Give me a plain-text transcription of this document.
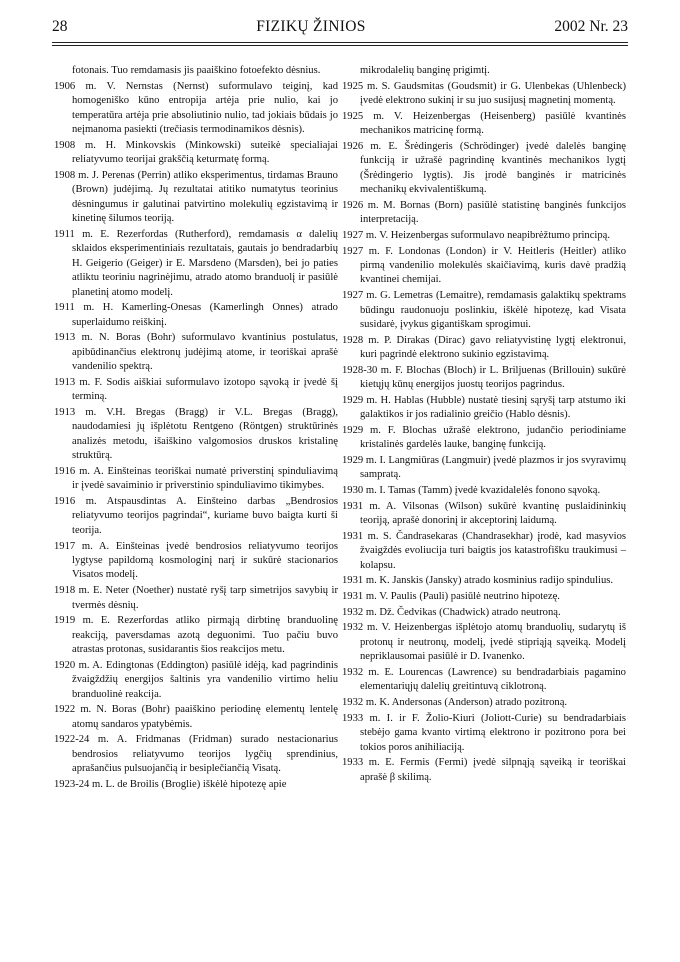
28	FIZIKŲ ŽINIOS	2002 Nr. 23

fotonais. Tuo remdamasis jis paaiškino fotoefekto dėsnius.

1906 m. V. Nernstas (Nernst) suformulavo teiginį, kad homogeniško kūno entropija artėja prie nulio, kai jo temperatūra artėja prie absoliutinio nulio, tad jokiais būdais jo neįmanoma pasiekti (trečiasis termodinamikos dėsnis).

1908 m. H. Minkovskis (Minkowski) suteikė specialiajai reliatyvumo teorijai grakščią keturmatę formą.

1908 m. J. Perenas (Perrin) atliko eksperimentus, tirdamas Brauno (Brown) judėjimą. Jų rezultatai atitiko numatytus teorinius dėsningumus ir galutinai patvirtino molekulių egzistavimą ir kinetinę šilumos teoriją.

1911 m. E. Rezerfordas (Rutherford), remdamasis α dalelių sklaidos eksperimentiniais rezultatais, gautais jo bendradarbių H. Geigerio (Geiger) ir E. Marsdeno (Marsden), bei jo paties atliktu teoriniu nagrinėjimu, atrado atomo branduolį ir pasiūlė planetinį atomo modelį.

1911 m. H. Kamerling-Onesas (Kamerlingh Onnes) atrado superlaidumo reiškinį.

1913 m. N. Boras (Bohr) suformulavo kvantinius postulatus, apibūdinančius elektronų judėjimą atome, ir teoriškai aprašė vandenilio spektrą.

1913 m. F. Sodis aiškiai suformulavo izotopo sąvoką ir įvedė šį terminą.

1913 m. V.H. Bregas (Bragg) ir V.L. Bregas (Bragg), naudodamiesi jų išplėtotu Rentgeno (Röntgen) struktūrinės analizės metodu, išaiškino valgomosios druskos kristalinę struktūrą.

1916 m. A. Einšteinas teoriškai numatė priverstinį spinduliavimą ir įvedė savaiminio ir priverstinio spinduliavimo tikimybes.

1916 m. Atspausdintas A. Einšteino darbas „Bendrosios reliatyvumo teorijos pagrindai“, kuriame buvo baigta kurti ši teorija.

1917 m. A. Einšteinas įvedė bendrosios reliatyvumo teorijos lygtyse papildomą kosmologinį narį ir sukūrė stacionarios Visatos modelį.

1918 m. E. Neter (Noether) nustatė ryšį tarp simetrijos savybių ir tvermės dėsnių.

1919 m. E. Rezerfordas atliko pirmąją dirbtinę branduolinę reakciją, paversdamas azotą deguonimi. Tuo pačiu buvo atrastas protonas, susidarantis šios reakcijos metu.

1920 m. A. Edingtonas (Eddington) pasiūlė idėją, kad pagrindinis žvaigždžių energijos šaltinis yra vandenilio virtimo heliu branduolinė reakcija.

1922 m. N. Boras (Bohr) paaiškino periodinę elementų lentelę atomų sandaros ypatybėmis.

1922-24 m. A. Fridmanas (Fridman) surado nestacionarius bendrosios reliatyvumo teorijos lygčių sprendinius, aprašančius pulsuojančią ir besiplečiančią Visatą.

1923-24 m. L. de Broilis (Broglie) iškėlė hipotezę apie

mikrodalelių banginę prigimtį.

1925 m. S. Gaudsmitas (Goudsmit) ir G. Ulenbekas (Uhlenbeck) įvedė elektrono sukinį ir su juo susijusį magnetinį momentą.

1925 m. V. Heizenbergas (Heisenberg) pasiūlė kvantinės mechanikos matricinę formą.

1926 m. E. Šrėdingeris (Schrödinger) įvedė dalelės banginę funkciją ir užrašė pagrindinę kvantinės mechanikos lygtį (Šrėdingerio lygtis). Jis įrodė banginės ir matricinės mechanikų ekvivalentiškumą.

1926 m. M. Bornas (Born) pasiūlė statistinę banginės funkcijos interpretaciją.

1927 m. V. Heizenbergas suformulavo neapibrėžtumo principą.

1927 m. F. Londonas (London) ir V. Heitleris (Heitler) atliko pirmą vandenilio molekulės skaičiavimą, kuris davė pradžią kvantinei chemijai.

1927 m. G. Lemetras (Lemaitre), remdamasis galaktikų spektrams būdingu raudonuoju poslinkiu, iškėlė hipotezę, kad Visata susidarė, įvykus gigantiškam sprogimui.

1928 m. P. Dirakas (Dirac) gavo reliatyvistinę lygtį elektronui, kuri pagrindė elektrono sukinio egzistavimą.

1928-30 m. F. Blochas (Bloch) ir L. Briljuenas (Brillouin) sukūrė kietųjų kūnų energijos juostų teorijos pagrindus.

1929 m. H. Hablas (Hubble) nustatė tiesinį sąryšį tarp atstumo iki galaktikos ir jos radialinio greičio (Hablo dėsnis).

1929 m. F. Blochas užrašė elektrono, judančio periodiniame kristalinės gardelės lauke, banginę funkciją.

1929 m. I. Langmiūras (Langmuir) įvedė plazmos ir jos svyravimų sampratą.

1930 m. I. Tamas (Tamm) įvedė kvazidalelės fonono sąvoką.

1931 m. A. Vilsonas (Wilson) sukūrė kvantinę puslaidininkių teoriją, aprašė donorinį ir akceptorinį laidumą.

1931 m. S. Čandrasekaras (Chandrasekhar) įrodė, kad masyvios žvaigždės evoliucija turi baigtis jos katastrofišku traukimusi – kolapsu.

1931 m. K. Janskis (Jansky) atrado kosminius radijo spindulius.

1931 m. V. Paulis (Pauli) pasiūlė neutrino hipotezę.

1932 m. Dž. Čedvikas (Chadwick) atrado neutroną.

1932 m. V. Heizenbergas išplėtojo atomų branduolių, sudarytų iš protonų ir neutronų, modelį, įvedė stipriąją sąveiką. Modelį nepriklausomai pasiūlė ir D. Ivanenko.

1932 m. E. Lourencas (Lawrence) su bendradarbiais pagamino elementariųjų dalelių greitintuvą ciklotroną.

1932 m. K. Andersonas (Anderson) atrado pozitroną.

1933 m. I. ir F. Žolio-Kiuri (Joliott-Curie) su bendradarbiais stebėjo gama kvanto virtimą elektrono ir pozitrono pora bei tokios poros anihiliaciją.

1933 m. E. Fermis (Fermi) įvedė silpnąją sąveiką ir teoriškai aprašė β skilimą.
